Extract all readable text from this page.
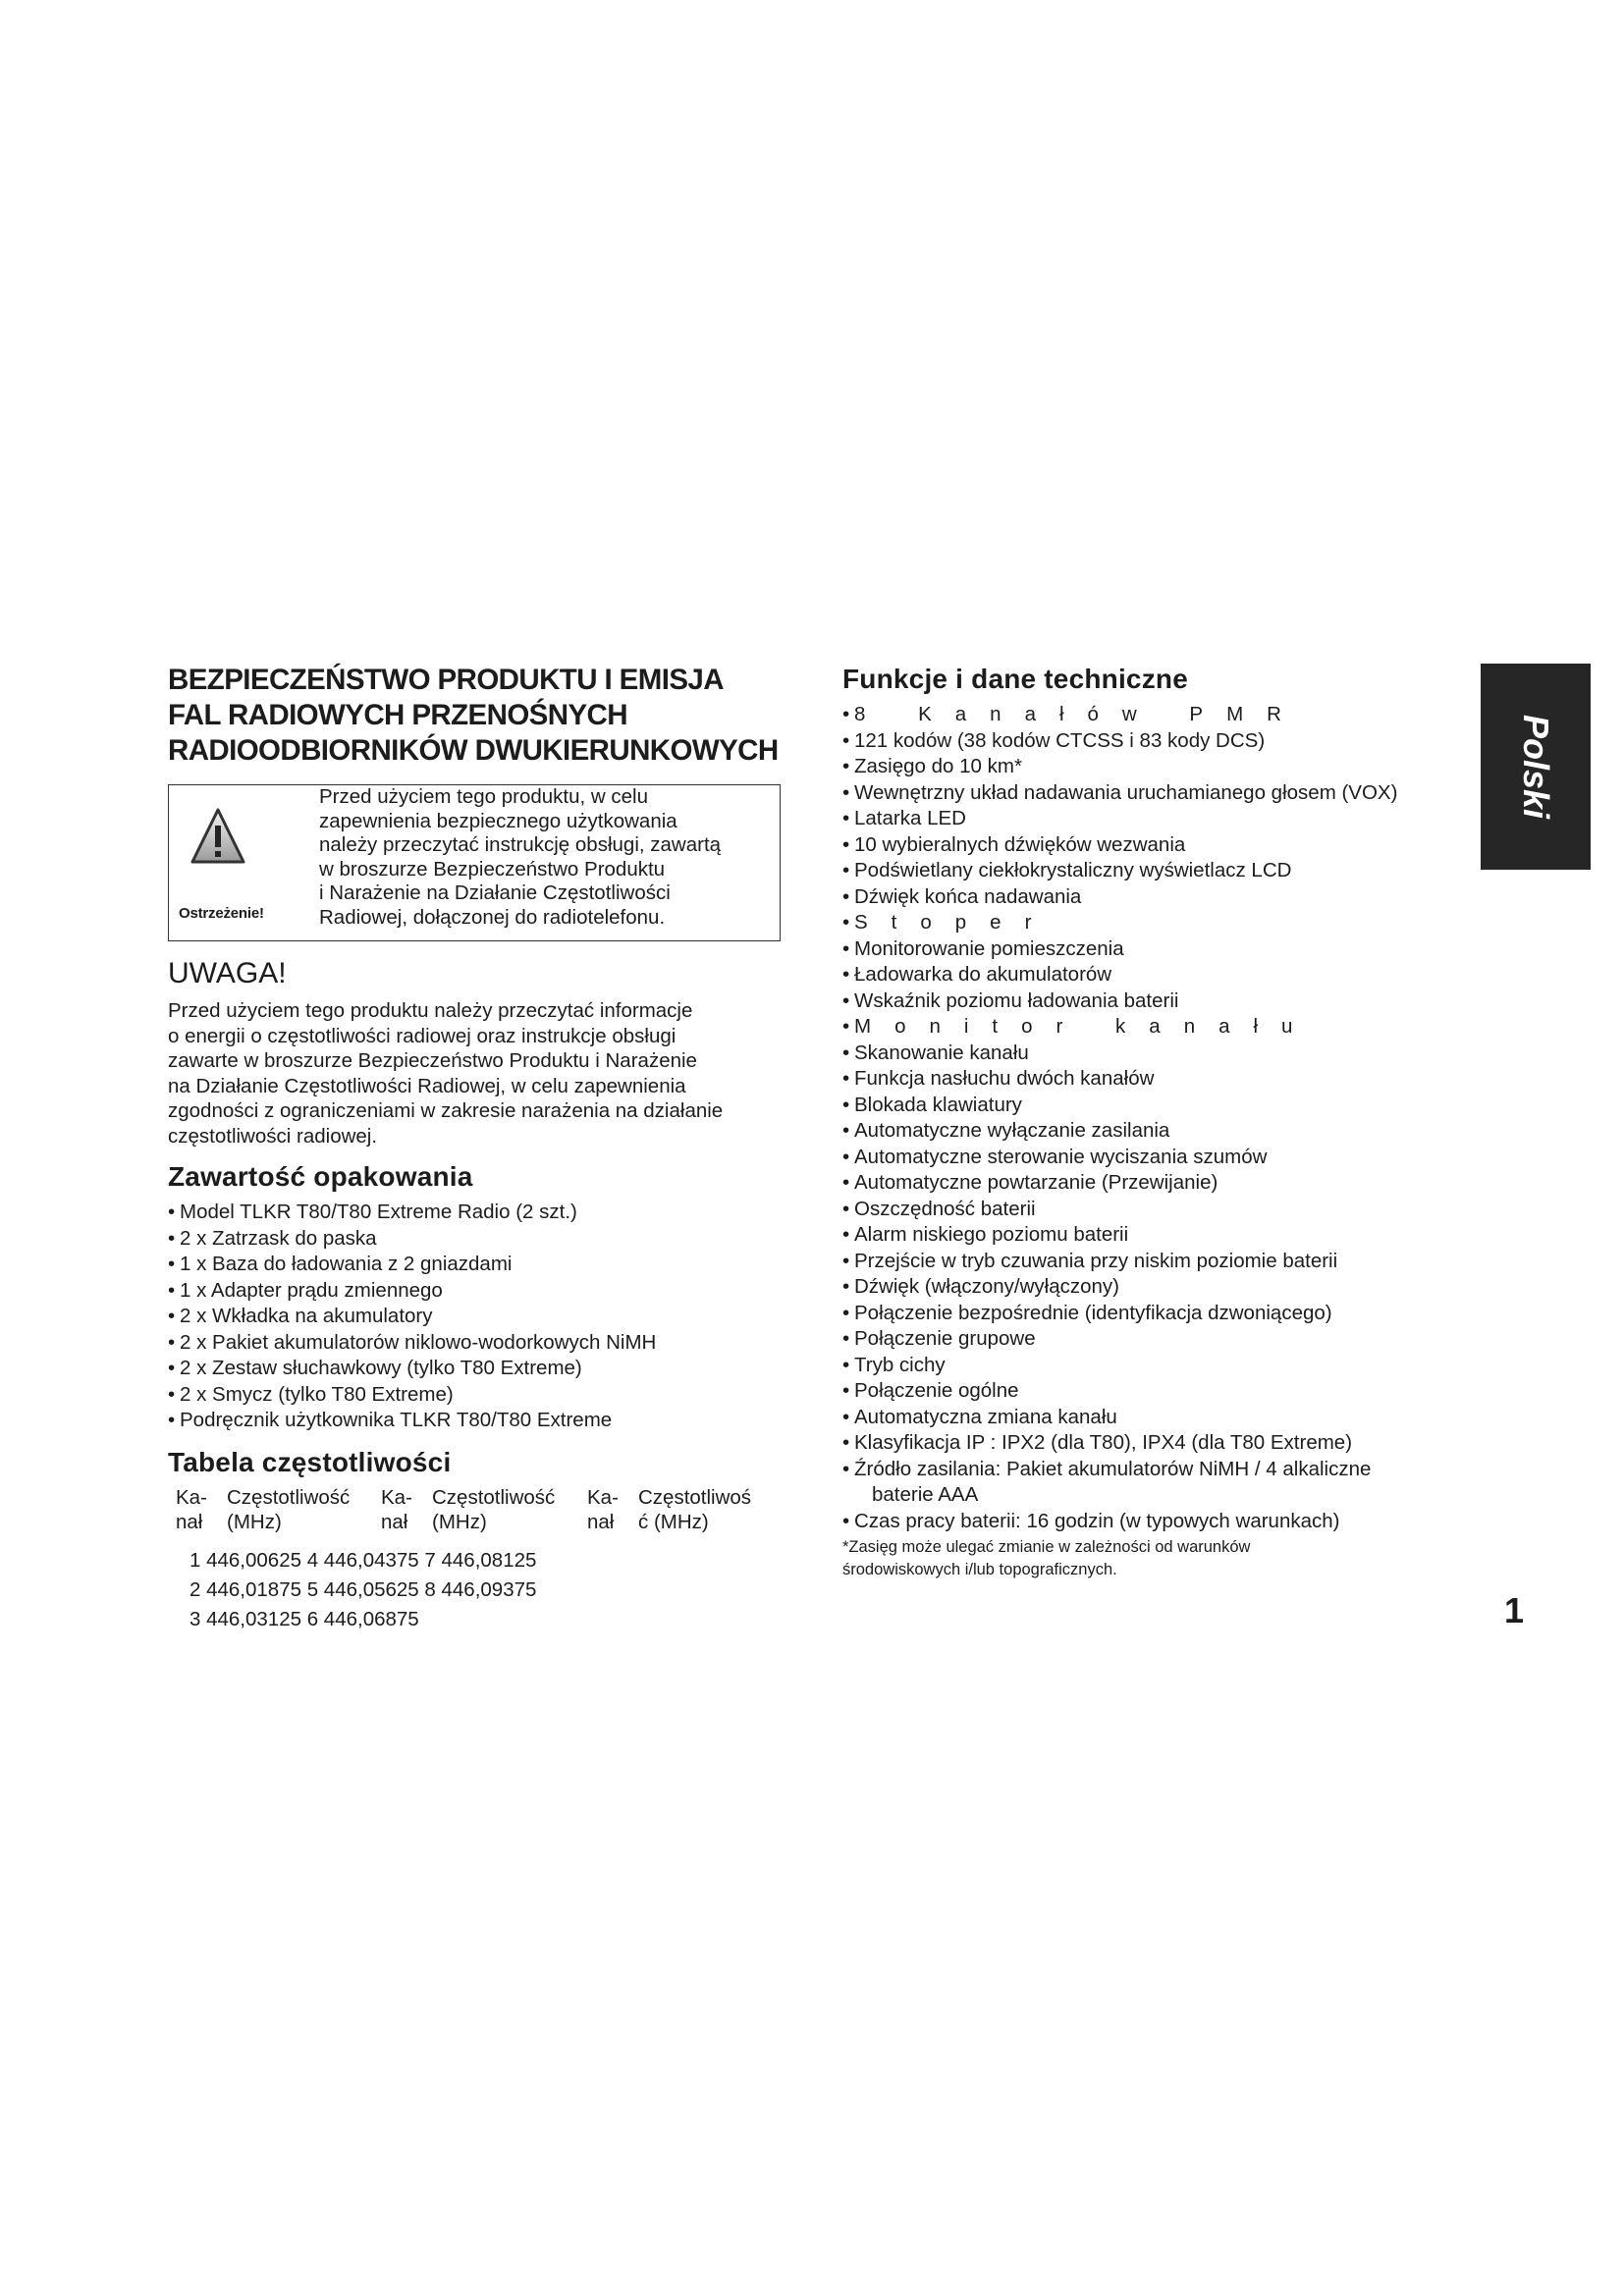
BEZPIECZEŃSTWO PRODUKTU I EMISJA
FAL RADIOWYCH PRZENOŚNYCH
RADIOODBIORNIKÓW DWUKIERUNKOWYCH
Ostrzeżenie!
Przed użyciem tego produktu, w celu
zapewnienia bezpiecznego użytkowania
należy przeczytać instrukcję obsługi, zawartą
w broszurze Bezpieczeństwo Produktu
i Narażenie na Działanie Częstotliwości
Radiowej, dołączonej do radiotelefonu.
UWAGA!
Przed użyciem tego produktu należy przeczytać informacje
o energii o częstotliwości radiowej oraz instrukcje obsługi
zawarte w broszurze Bezpieczeństwo Produktu i Narażenie
na Działanie Częstotliwości Radiowej, w celu zapewnienia
zgodności z ograniczeniami w zakresie narażenia na działanie
częstotliwości radiowej.
Zawartość opakowania
• Model TLKR T80/T80 Extreme Radio (2 szt.)
• 2 x Zatrzask do paska
• 1 x Baza do ładowania z 2 gniazdami
• 1 x Adapter prądu zmiennego
• 2 x Wkładka na akumulatory
• 2 x Pakiet akumulatorów niklowo-wodorkowych NiMH
• 2 x Zestaw słuchawkowy (tylko T80 Extreme)
• 2 x Smycz (tylko T80 Extreme)
• Podręcznik użytkownika TLKR T80/T80 Extreme
Tabela częstotliwości
Ka-
nał
Częstotliwość
(MHz)
Ka-
nał
Częstotliwość
(MHz)
Ka-
nał
Częstotliwoś
ć (MHz)
1 446,00625 4 446,04375 7 446,08125
2 446,01875 5 446,05625 8 446,09375
3 446,03125 6 446,06875
Funkcje i dane techniczne
• 8 Kanałów PMR
• 121 kodów (38 kodów CTCSS i 83 kody DCS)
• Zasięgo do 10 km*
• Wewnętrzny układ nadawania uruchamianego głosem (VOX)
• Latarka LED
• 10 wybieralnych dźwięków wezwania
• Podświetlany ciekłokrystaliczny wyświetlacz LCD
• Dźwięk końca nadawania
• Stoper
• Monitorowanie pomieszczenia
• Ładowarka do akumulatorów
• Wskaźnik poziomu ładowania baterii
• Monitor kanału
• Skanowanie kanału
• Funkcja nasłuchu dwóch kanałów
• Blokada klawiatury
• Automatyczne wyłączanie zasilania
• Automatyczne sterowanie wyciszania szumów
• Automatyczne powtarzanie (Przewijanie)
• Oszczędność baterii
• Alarm niskiego poziomu baterii
• Przejście w tryb czuwania przy niskim poziomie baterii
• Dźwięk (włączony/wyłączony)
• Połączenie bezpośrednie (identyfikacja dzwoniącego)
• Połączenie grupowe
• Tryb cichy
• Połączenie ogólne
• Automatyczna zmiana kanału
• Klasyfikacja IP : IPX2 (dla T80), IPX4 (dla T80 Extreme)
• Źródło zasilania: Pakiet akumulatorów NiMH / 4 alkaliczne
baterie AAA
• Czas pracy baterii: 16 godzin (w typowych warunkach)
*Zasięg może ulegać zmianie w zależności od warunków
środowiskowych i/lub topograficznych.
Polski
1
